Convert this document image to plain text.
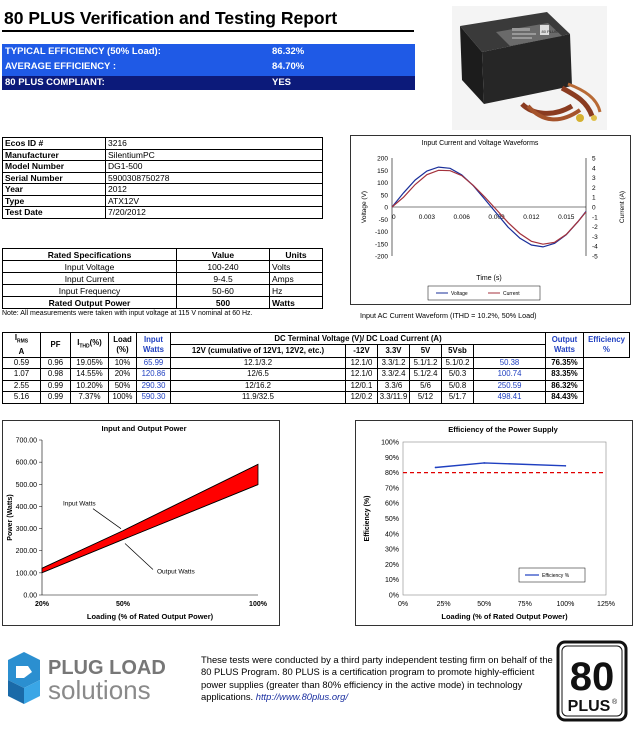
80 PLUS Verification and Testing Report
TYPICAL EFFICIENCY (50% Load):	86.32%
AVERAGE EFFICIENCY :	84.70%
80 PLUS COMPLIANT:	YES
80 PLUS
Ecos ID #	3216
Manufacturer	SilentiumPC
Model Number	DG1-500
Serial Number	5900308750278
Year	2012
Type	ATX12V
Test Date	7/20/2012
Rated Specifications	Value	Units
Input Voltage	100-240	Volts
Input Current	9-4.5	Amps
Input Frequency	50-60	Hz
Rated Output Power	500	Watts
Note: All measurements were taken with input voltage at 115 V nominal at 60 Hz.
Input Current and Voltage Waveforms
200
150
100
50
0
-50
-100
-150
-200
5
4
3
2
1
0
-1
-2
-3
-4
-5
0	0.003	0.006	0.009	0.012	0.015
Voltage (V)	Current (A)
Time (s)
Voltage	Current
Input AC Current Waveform (ITHD = 10.2%, 50% Load)
$I_{RMS}$
A	PF	$I_{THD}(\%)$	Load
(%)	Input
Watts	DC Terminal Voltage (V)/ DC Load Current (A)						Output
Watts	Efficiency
%
					12V (cumulative of 12V1, 12V2, etc.)	-12V	3.3V	5V	5Vsb			
0.59	0.96	19.05%	10%	65.99	12.1/3.2	12.1/0	3.3/1.2	5.1/1.2	5.1/0.2	50.38	76.35%	
1.07	0.98	14.55%	20%	120.86	12/6.5	12.1/0	3.3/2.4	5.1/2.4	5/0.3	100.74	83.35%	
2.55	0.99	10.20%	50%	290.30	12/16.2	12/0.1	3.3/6	5/6	5/0.8	250.59	86.32%	
5.16	0.99	7.37%	100%	590.30	11.9/32.5	12/0.2	3.3/11.9	5/12	5/1.7	498.41	84.43%	
Input and Output Power
0.00
100.00
200.00
300.00
400.00
500.00
600.00
700.00
20%	50%	100%
Power (Watts)
Loading (% of Rated Output Power)
Input Watts
Output Watts
Efficiency of the Power Supply
0%
10%
20%
30%
40%
50%
60%
70%
80%
90%
100%
0%	25%	50%	75%	100%	125%
Efficiency (%)
Loading (% of Rated Output Power)
Efficiency %
PLUG LOAD
solutions
These tests were conducted by a third party independent testing firm on behalf of the 80 PLUS Program. 80 PLUS is a certification program to promote highly-efficient power supplies (greater than 80% efficiency in the active mode) in technology applications. http://www.80plus.org/	80
PLUS ®
